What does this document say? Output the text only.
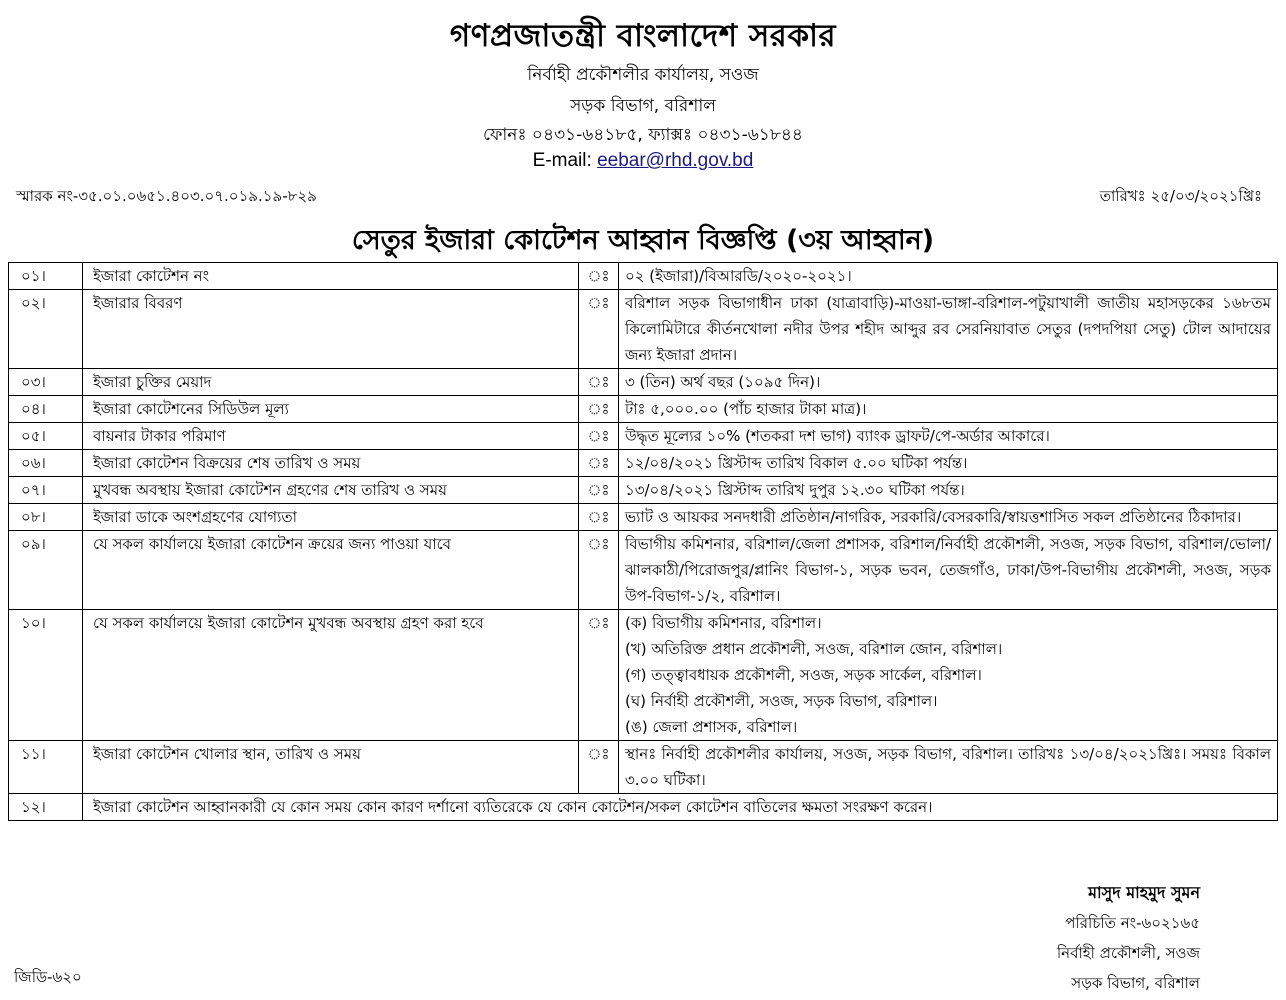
গণপ্রজাতন্ত্রী বাংলাদেশ সরকার
নির্বাহী প্রকৌশলীর কার্যালয়, সওজ
সড়ক বিভাগ, বরিশাল
ফোনঃ ০৪৩১-৬৪১৮৫, ফ্যাক্সঃ ০৪৩১-৬১৮৪৪
E-mail: eebar@rhd.gov.bd
স্মারক নং-৩৫.০১.০৬৫১.৪০৩.০৭.০১৯.১৯-৮২৯	তারিখঃ ২৫/০৩/২০২১খ্রিঃ
সেতুর ইজারা কোটেশন আহ্বান বিজ্ঞপ্তি (৩য় আহ্বান)
০১।	ইজারা কোটেশন নং	ঃ	০২ (ইজারা)/বিআরডি/২০২০-২০২১।
০২।	ইজারার বিবরণ	ঃ	বরিশাল সড়ক বিভাগাধীন ঢাকা (যাত্রাবাড়ি)-মাওয়া-ভাঙ্গা-বরিশাল-পটুয়াখালী জাতীয় মহাসড়কের ১৬৮তম কিলোমিটারে কীর্তনখোলা নদীর উপর শহীদ আব্দুর রব সেরনিয়াবাত সেতুর (দপদপিয়া সেতু) টোল আদায়ের জন্য ইজারা প্রদান।
০৩।	ইজারা চুক্তির মেয়াদ	ঃ	৩ (তিন) অর্থ বছর (১০৯৫ দিন)।
০৪।	ইজারা কোটেশনের সিডিউল মূল্য	ঃ	টাঃ ৫,০০০.০০ (পাঁচ হাজার টাকা মাত্র)।
০৫।	বায়নার টাকার পরিমাণ	ঃ	উদ্ধৃত মূল্যের ১০% (শতকরা দশ ভাগ) ব্যাংক ড্রাফট/পে-অর্ডার আকারে।
০৬।	ইজারা কোটেশন বিক্রয়ের শেষ তারিখ ও সময়	ঃ	১২/০৪/২০২১ খ্রিস্টাব্দ তারিখ বিকাল ৫.০০ ঘটিকা পর্যন্ত।
০৭।	মুখবন্ধ অবস্থায় ইজারা কোটেশন গ্রহণের শেষ তারিখ ও সময়	ঃ	১৩/০৪/২০২১ খ্রিস্টাব্দ তারিখ দুপুর ১২.৩০ ঘটিকা পর্যন্ত।
০৮।	ইজারা ডাকে অংশগ্রহণের যোগ্যতা	ঃ	ভ্যাট ও আয়কর সনদধারী প্রতিষ্ঠান/নাগরিক, সরকারি/বেসরকারি/স্বায়ত্তশাসিত সকল প্রতিষ্ঠানের ঠিকাদার।
০৯।	যে সকল কার্যালয়ে ইজারা কোটেশন ক্রয়ের জন্য পাওয়া যাবে	ঃ	বিভাগীয় কমিশনার, বরিশাল/জেলা প্রশাসক, বরিশাল/নির্বাহী প্রকৌশলী, সওজ, সড়ক বিভাগ, বরিশাল/ভোলা/ঝালকাঠী/পিরোজপুর/প্লানিং বিভাগ-১, সড়ক ভবন, তেজগাঁও, ঢাকা/উপ-বিভাগীয় প্রকৌশলী, সওজ, সড়ক উপ-বিভাগ-১/২, বরিশাল।
১০।	যে সকল কার্যালয়ে ইজারা কোটেশন মুখবন্ধ অবস্থায় গ্রহণ করা হবে	ঃ	(ক) বিভাগীয় কমিশনার, বরিশাল।
(খ) অতিরিক্ত প্রধান প্রকৌশলী, সওজ, বরিশাল জোন, বরিশাল।
(গ) তত্ত্বাবধায়ক প্রকৌশলী, সওজ, সড়ক সার্কেল, বরিশাল।
(ঘ) নির্বাহী প্রকৌশলী, সওজ, সড়ক বিভাগ, বরিশাল।
(ঙ) জেলা প্রশাসক, বরিশাল।

১১।	ইজারা কোটেশন খোলার স্থান, তারিখ ও সময়	ঃ	স্থানঃ নির্বাহী প্রকৌশলীর কার্যালয়, সওজ, সড়ক বিভাগ, বরিশাল। তারিখঃ ১৩/০৪/২০২১খ্রিঃ। সময়ঃ বিকাল ৩.০০ ঘটিকা।
১২।	ইজারা কোটেশন আহ্বানকারী যে কোন সময় কোন কারণ দর্শানো ব্যতিরেকে যে কোন কোটেশন/সকল কোটেশন বাতিলের ক্ষমতা সংরক্ষণ করেন।		
মাসুদ মাহমুদ সুমন
পরিচিতি নং-৬০২১৬৫
নির্বাহী প্রকৌশলী, সওজ
সড়ক বিভাগ, বরিশাল
জিডি-৬২০
